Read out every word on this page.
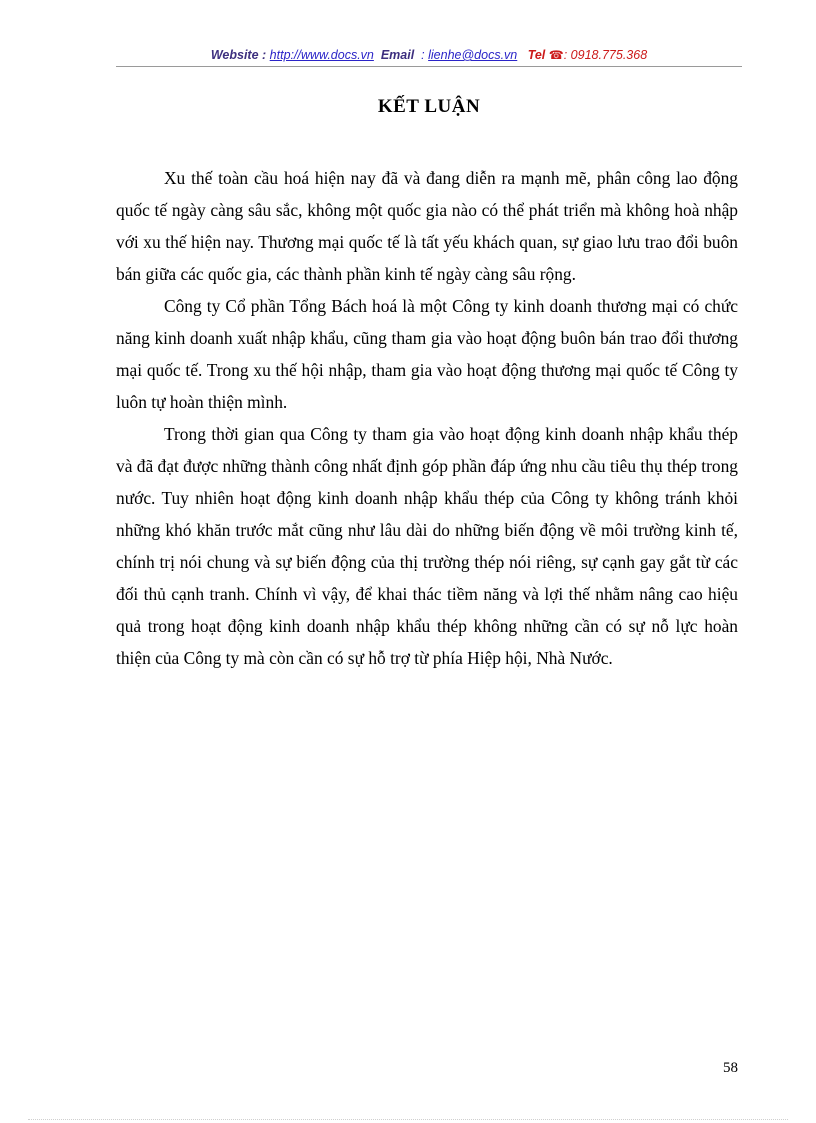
Website : http://www.docs.vn Email : lienhe@docs.vn Tel ☎: 0918.775.368
KẾT LUẬN

Xu thế toàn cầu hoá hiện nay đã và đang diễn ra mạnh mẽ, phân công lao động quốc tế ngày càng sâu sắc, không một quốc gia nào có thể phát triển mà không hoà nhập với xu thế hiện nay. Thương mại quốc tế là tất yếu khách quan, sự giao lưu trao đổi buôn bán giữa các quốc gia, các thành phần kinh tế ngày càng sâu rộng.

Công ty Cổ phần Tổng Bách hoá là một Công ty kinh doanh thương mại có chức năng kinh doanh xuất nhập khẩu, cũng tham gia vào hoạt động buôn bán trao đổi thương mại quốc tế. Trong xu thế hội nhập, tham gia vào hoạt động thương mại quốc tế Công ty luôn tự hoàn thiện mình.

Trong thời gian qua Công ty tham gia vào hoạt động kinh doanh nhập khẩu thép và đã đạt được những thành công nhất định góp phần đáp ứng nhu cầu tiêu thụ thép trong nước. Tuy nhiên hoạt động kinh doanh nhập khẩu thép của Công ty không tránh khỏi những khó khăn trước mắt cũng như lâu dài do những biến động về môi trường kinh tế, chính trị nói chung và sự biến động của thị trường thép nói riêng, sự cạnh gay gắt từ các đối thủ cạnh tranh. Chính vì vậy, để khai thác tiềm năng và lợi thế nhằm nâng cao hiệu quả trong hoạt động kinh doanh nhập khẩu thép không những cần có sự nỗ lực hoàn thiện của Công ty mà còn cần có sự hỗ trợ từ phía Hiệp hội, Nhà Nước.

58
